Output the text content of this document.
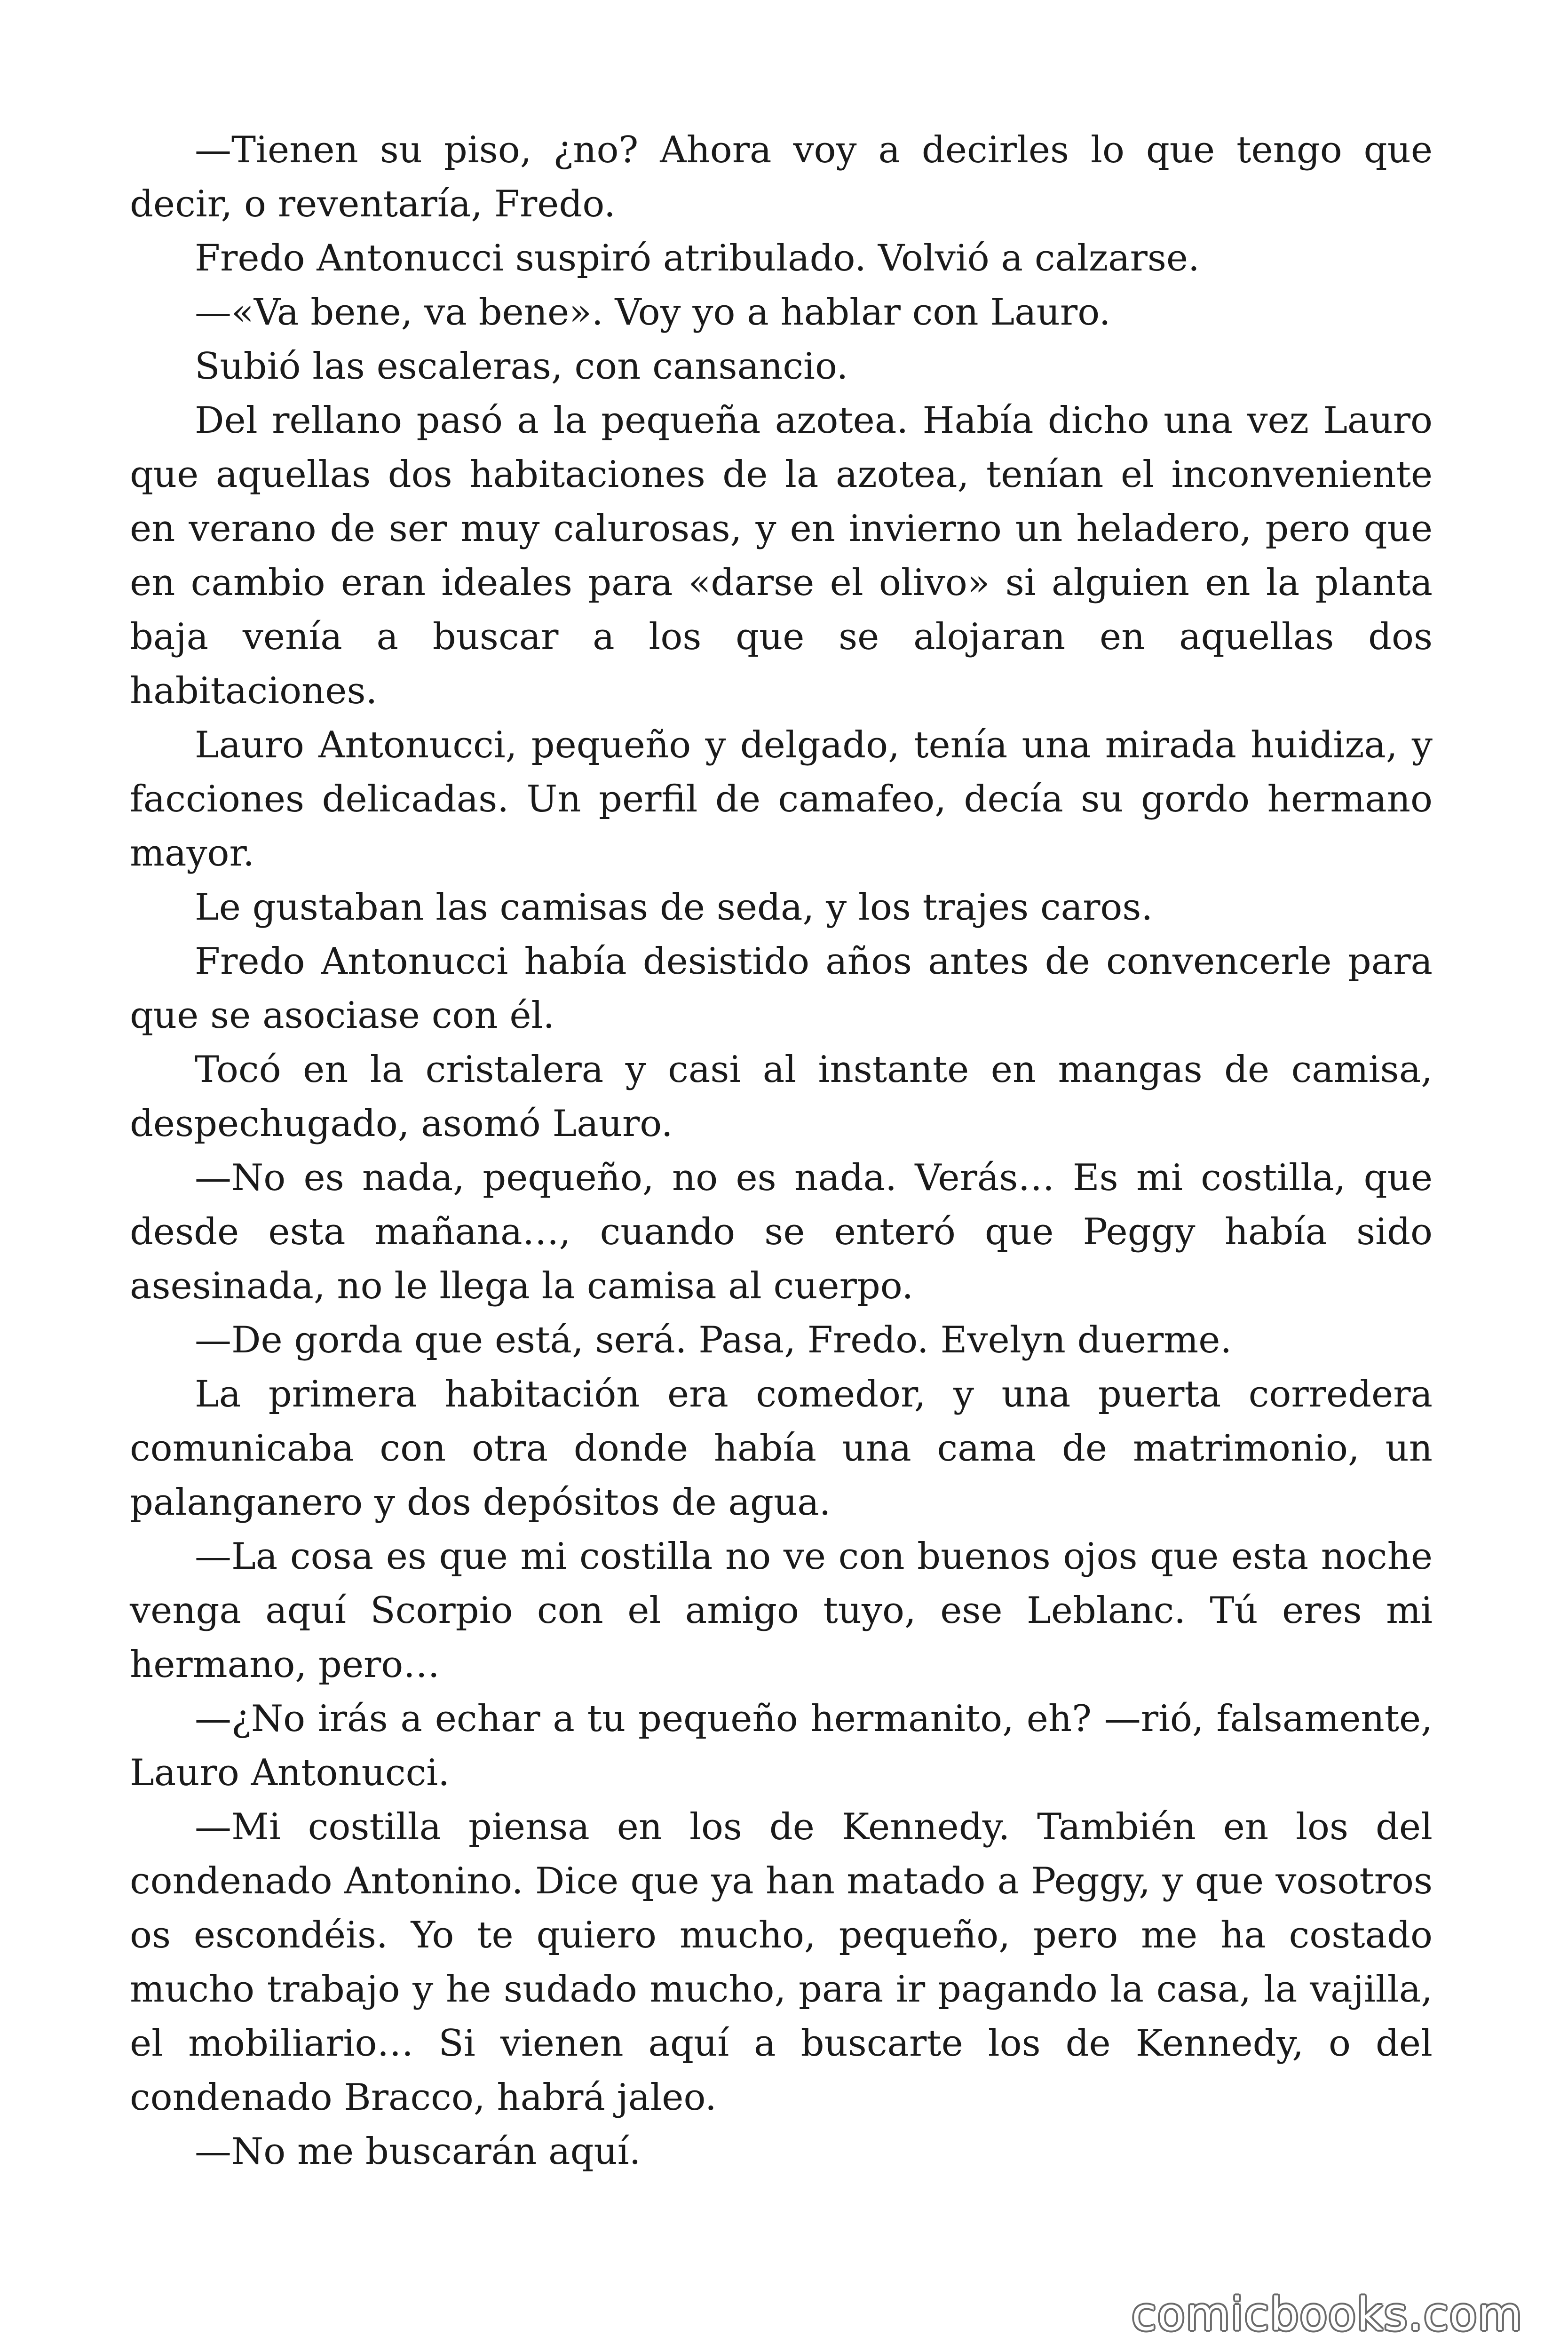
—Tienen su piso, ¿no? Ahora voy a decirles lo que tengo que decir, o reventaría, Fredo.

Fredo Antonucci suspiró atribulado. Volvió a calzarse.

—«Va bene, va bene». Voy yo a hablar con Lauro.

Subió las escaleras, con cansancio.

Del rellano pasó a la pequeña azotea. Había dicho una vez Lauro que aquellas dos habitaciones de la azotea, tenían el inconveniente en verano de ser muy calurosas, y en invierno un heladero, pero que en cambio eran ideales para «darse el olivo» si alguien en la planta baja venía a buscar a los que se alojaran en aquellas dos habitaciones.

Lauro Antonucci, pequeño y delgado, tenía una mirada huidiza, y facciones delicadas. Un perfil de camafeo, decía su gordo hermano mayor.

Le gustaban las camisas de seda, y los trajes caros.

Fredo Antonucci había desistido años antes de convencerle para que se asociase con él.

Tocó en la cristalera y casi al instante en mangas de camisa, despechugado, asomó Lauro.

—No es nada, pequeño, no es nada. Verás… Es mi costilla, que desde esta mañana…, cuando se enteró que Peggy había sido asesinada, no le llega la camisa al cuerpo.

—De gorda que está, será. Pasa, Fredo. Evelyn duerme.

La primera habitación era comedor, y una puerta corredera comunicaba con otra donde había una cama de matrimonio, un palanganero y dos depósitos de agua.

—La cosa es que mi costilla no ve con buenos ojos que esta noche venga aquí Scorpio con el amigo tuyo, ese Leblanc. Tú eres mi hermano, pero…

—¿No irás a echar a tu pequeño hermanito, eh? —rió, falsamente, Lauro Antonucci.

—Mi costilla piensa en los de Kennedy. También en los del condenado Antonino. Dice que ya han matado a Peggy, y que vosotros os escondéis. Yo te quiero mucho, pequeño, pero me ha costado mucho trabajo y he sudado mucho, para ir pagando la casa, la vajilla, el mobiliario… Si vienen aquí a buscarte los de Kennedy, o del condenado Bracco, habrá jaleo.

—No me buscarán aquí.

comicbooks.com
